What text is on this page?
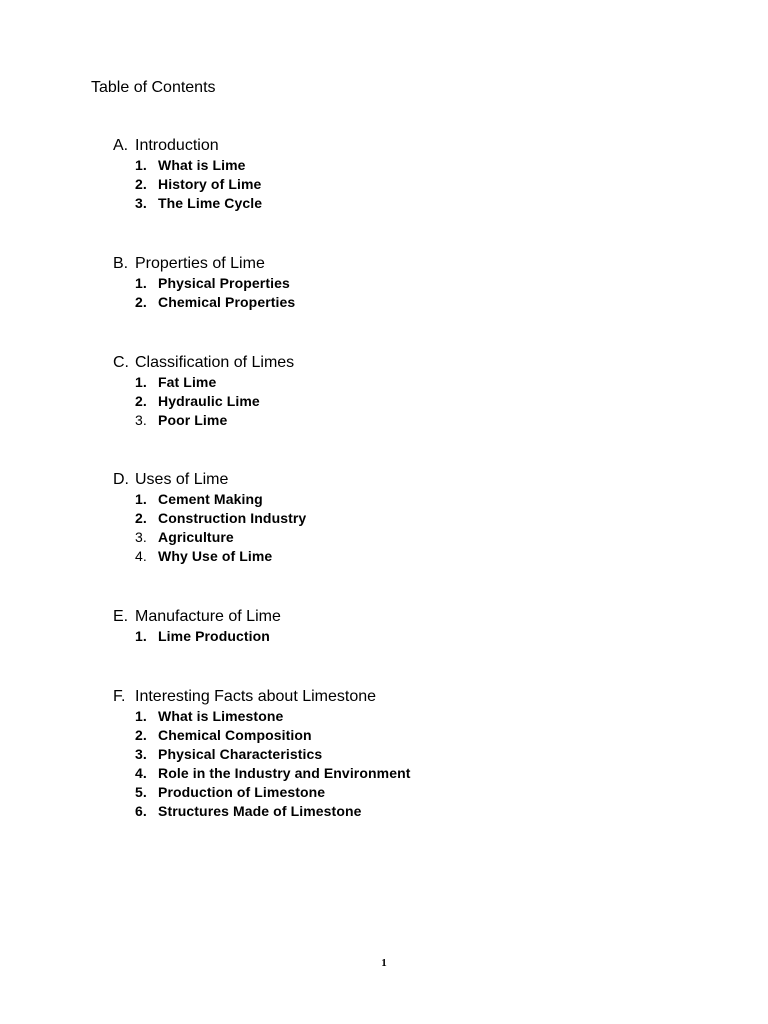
Table of Contents
A. Introduction
1. What is Lime
2. History of Lime
3. The Lime Cycle
B. Properties of Lime
1. Physical Properties
2. Chemical Properties
C. Classification of Limes
1. Fat Lime
2. Hydraulic Lime
3. Poor Lime
D. Uses of Lime
1. Cement Making
2. Construction Industry
3. Agriculture
4. Why Use of Lime
E. Manufacture of Lime
1. Lime Production
F. Interesting Facts about Limestone
1. What is Limestone
2. Chemical Composition
3. Physical Characteristics
4. Role in the Industry and Environment
5. Production of Limestone
6. Structures Made of Limestone
1
